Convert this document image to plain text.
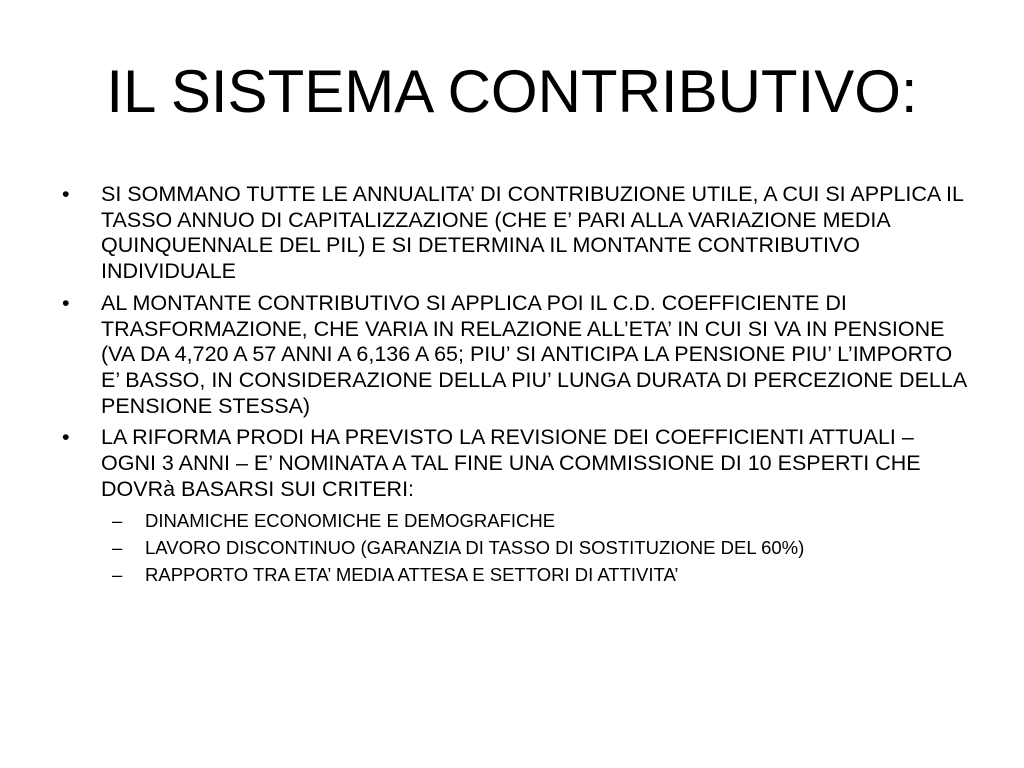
IL SISTEMA CONTRIBUTIVO:
•	SI SOMMANO TUTTE LE ANNUALITA’ DI CONTRIBUZIONE UTILE, A CUI SI APPLICA IL TASSO ANNUO DI CAPITALIZZAZIONE (CHE E’ PARI ALLA VARIAZIONE MEDIA QUINQUENNALE DEL PIL) E SI DETERMINA IL MONTANTE CONTRIBUTIVO INDIVIDUALE
•	AL MONTANTE CONTRIBUTIVO SI APPLICA POI IL C.D. COEFFICIENTE DI TRASFORMAZIONE, CHE VARIA IN RELAZIONE ALL’ETA’ IN CUI SI VA IN PENSIONE (VA DA 4,720 A 57 ANNI A 6,136 A 65; PIU’ SI ANTICIPA LA PENSIONE PIU’ L’IMPORTO E’ BASSO, IN CONSIDERAZIONE DELLA PIU’ LUNGA DURATA DI PERCEZIONE DELLA PENSIONE STESSA)
•	LA RIFORMA PRODI HA PREVISTO LA REVISIONE DEI COEFFICIENTI ATTUALI – OGNI 3 ANNI – E’ NOMINATA A TAL FINE UNA COMMISSIONE DI 10 ESPERTI CHE DOVRà BASARSI SUI CRITERI:
– DINAMICHE ECONOMICHE E DEMOGRAFICHE
– LAVORO DISCONTINUO (GARANZIA DI TASSO DI SOSTITUZIONE DEL 60%)
– RAPPORTO TRA ETA’ MEDIA ATTESA E SETTORI DI ATTIVITA’
